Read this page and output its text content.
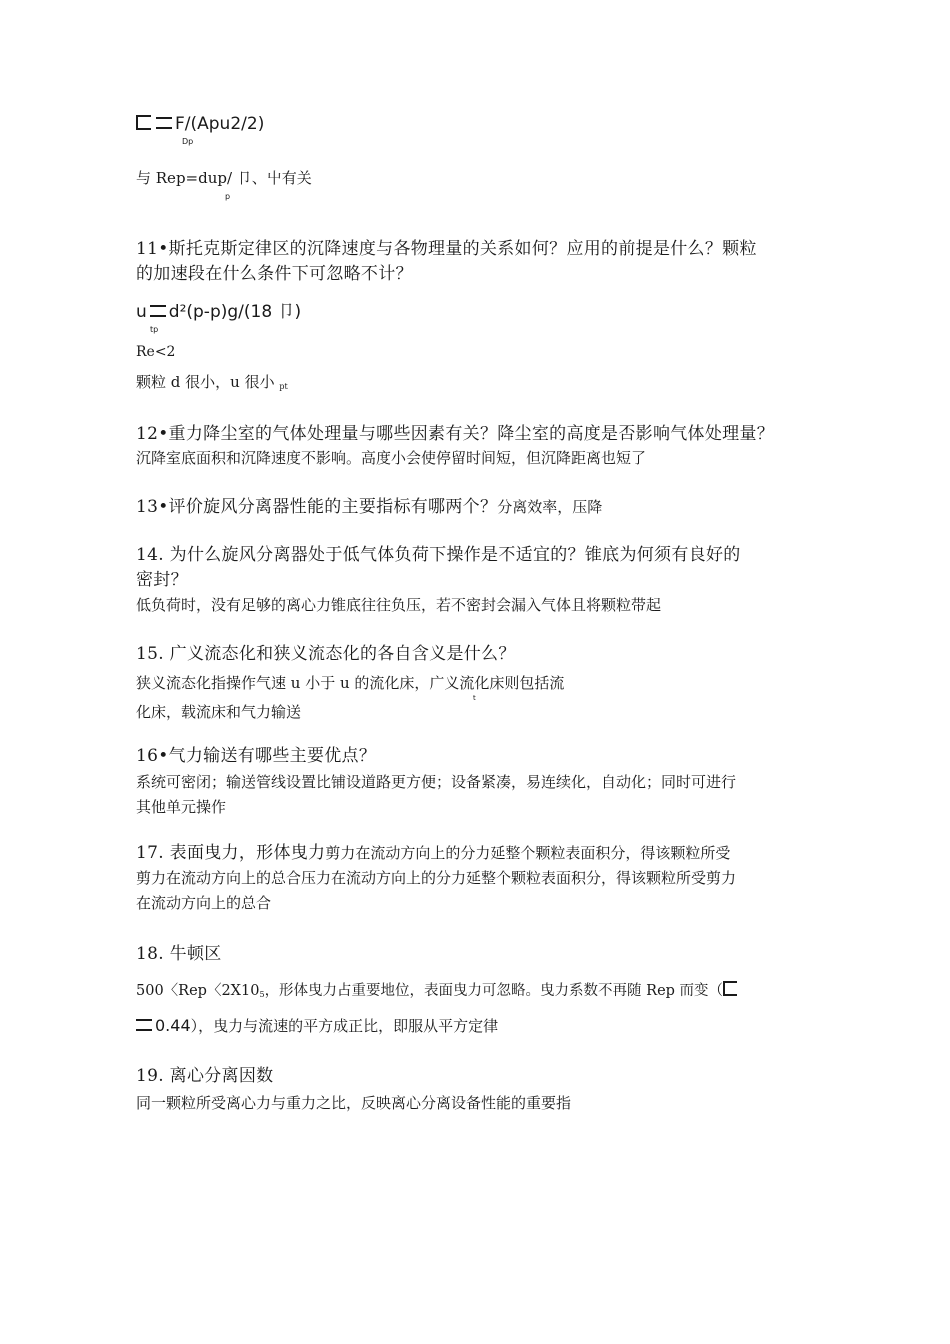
F/(Apu2/2)
Dp
与 Rep=dup/ 卩、屮有关
p
11•斯托克斯定律区的沉降速度与各物理量的关系如何？应用的前提是什么？颗粒
的加速段在什么条件下可忽略不计？
u d²(p-p)g/(18 卩)
tp
Re<2
颗粒 d 很小，u 很小 pt
12•重力降尘室的气体处理量与哪些因素有关？降尘室的高度是否影响气体处理量？
沉降室底面积和沉降速度不影响。高度小会使停留时间短，但沉降距离也短了
13•评价旋风分离器性能的主要指标有哪两个？分离效率，压降
14. 为什么旋风分离器处于低气体负荷下操作是不适宜的？锥底为何须有良好的
密封？
低负荷时，没有足够的离心力锥底往往负压，若不密封会漏入气体且将颗粒带起
15. 广义流态化和狭义流态化的各自含义是什么？
狭义流态化指操作气速 u 小于 u 的流化床，广义流化床则包括流
t
化床，载流床和气力输送
16•气力输送有哪些主要优点？
系统可密闭；输送管线设置比铺设道路更方便；设备紧凑，易连续化，自动化；同时可进行
其他单元操作
17. 表面曳力，形体曳力剪力在流动方向上的分力延整个颗粒表面积分，得该颗粒所受
剪力在流动方向上的总合压力在流动方向上的分力延整个颗粒表面积分，得该颗粒所受剪力
在流动方向上的总合
18. 牛顿区
500〈Rep〈2X105，形体曳力占重要地位，表面曳力可忽略。曳力系数不再随 Rep 而变（
0.44），曳力与流速的平方成正比，即服从平方定律
19. 离心分离因数
同一颗粒所受离心力与重力之比，反映离心分离设备性能的重要指
